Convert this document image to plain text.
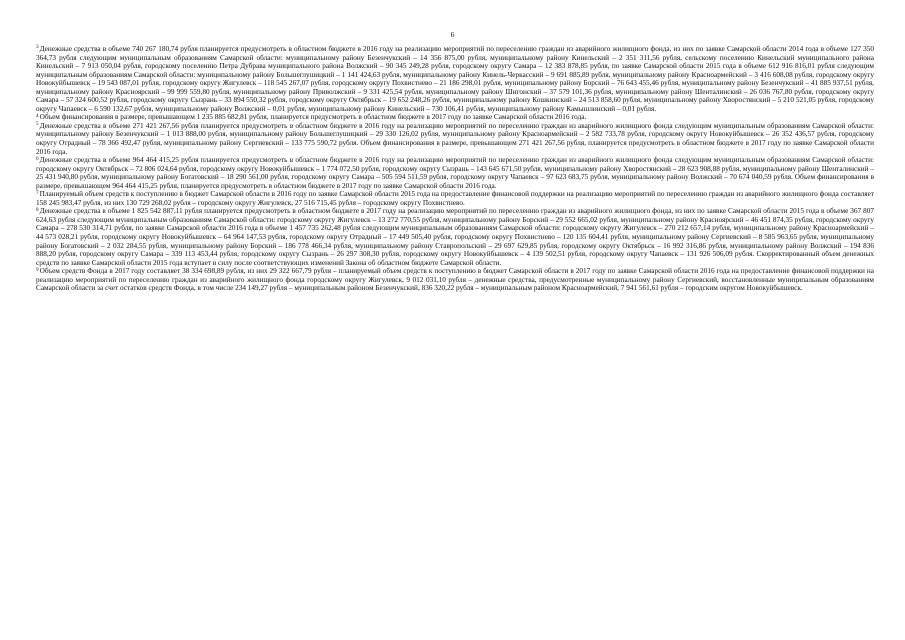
6

$^3$Денежные средства в объеме 740 267 180,74 рубля планируется предусмотреть в областном бюджете в 2016 году на реализацию мероприятий по переселению граждан из аварийного жилищного фонда, из них по заявке Самарской области 2014 года в объеме 127 350 364,73 рубля следующим муниципальным образованиям Самарской области: муниципальному району Безенчукский – 14 356 875,00 рубля, муниципальному району Кинельский – 2 351 311,56 рубля, сельскому поселению Кинельский муниципального района Кинельский – 7 913 050,04 рубля, городскому поселению Петра Дубрава муниципального района Волжский – 90 345 249,28 рубля, городскому округу Самара – 12 383 878,85 рубля, по заявке Самарской области 2015 года в объеме 612 916 816,01 рубля следующим муниципальным образованиям Самарской области: муниципальному району Большеглушицкий – 1 141 424,63 рубля, муниципальному району Кинель-Черкасский – 9 691 885,89 рубля, муниципальному району Красноармейский – 3 416 608,08 рубля, городскому округу Новокуйбышевск – 19 543 087,01 рубля, городскому округу Жигулевск – 118 545 267,07 рубля, городскому округу Похвистнево – 21 186 298,01 рубля, муниципальному району Борский – 76 643 455,46 рубля, муниципальному району Безенчукский – 41 885 937,51 рубля, муниципальному району Красноярский – 99 999 559,80 рубля, муниципальному району Приволжский – 9 331 425,54 рубля, муниципальному району Шигонский – 37 579 101,36 рубля, муниципальному району Шенталинский – 26 036 767,80 рубля, городскому округу Самара – 57 324 600,52 рубля, городскому округу Сызрань – 33 894 550,32 рубля, городскому округу Октябрьск – 19 652 248,26 рубля, муниципальному району Кошкинский – 24 513 858,60 рубля, муниципальному району Хворостянский – 5 210 521,05 рубля, городскому округу Чапаевск – 6 590 132,67 рубля, муниципальному району Волжский – 0,01 рубля, муниципальному району Кинельский – 730 106,41 рубля, муниципальному району Камышлинский – 0,01 рубля.

$^4$Объем финансирования в размере, превышающем 1 235 885 682,81 рубля, планируется предусмотреть в областном бюджете в 2017 году по заявке Самарской области 2016 года.

$^5$Денежные средства в объеме 271 421 267,56 рубля планируется предусмотреть в областном бюджете в 2016 году на реализацию мероприятий по переселению граждан из аварийного жилищного фонда следующим муниципальным образованиям Самарской области: муниципальному району Безенчукский – 1 013 888,00 рубля, муниципальному району Большеглушицкий – 29 330 126,02 рубля, муниципальному району Красноармейский – 2 582 733,78 рубля, городскому округу Новокуйбышевск – 26 352 436,57 рубля, городскому округу Отрадный – 78 366 492,47 рубля, муниципальному району Сергиевский – 133 775 590,72 рубля. Объем финансирования в размере, превышающем 271 421 267,56 рубля, планируется предусмотреть в областном бюджете в 2017 году по заявке Самарской области 2016 года.

$^6$Денежные средства в объеме 964 464 415,25 рубля планируется предусмотреть в областном бюджете в 2016 году на реализацию мероприятий по переселению граждан из аварийного жилищного фонда следующим муниципальным образованиям Самарской области: городскому округу Октябрьск – 72 806 024,64 рубля, городскому округу Новокуйбышевск – 1 774 072,50 рубля, городскому округу Сызрань – 143 645 671,50 рубля, муниципальному району Хворостянский – 28 623 908,88 рубля, муниципальному району Шенталинский – 25 431 940,80 рубля, муниципальному району Богатовский – 18 290 561,00 рубля, городскому округу Самара – 505 594 511,59 рубля, городскому округу Чапаевск – 97 623 683,75 рубля, муниципальному району Волжский – 70 674 040,59 рубля. Объем финансирования в размере, превышающем 964 464 415,25 рубля, планируется предусмотреть в областном бюджете в 2017 году по заявке Самарской области 2016 года.

$^7$Планируемый объем средств к поступлению в бюджет Самарской области в 2016 году по заявке Самарской области 2015 года на предоставление финансовой поддержки на реализацию мероприятий по переселению граждан из аварийного жилищного фонда составляет 158 245 983,47 рубля, из них 130 729 268,02 рубля – городскому округу Жигулевск, 27 516 715,45 рубля – городскому округу Похвистнево.

$^8$Денежные средства в объеме 1 825 542 887,11 рубля планируется предусмотреть в областном бюджете в 2017 году на реализацию мероприятий по переселению граждан из аварийного жилищного фонда, из них по заявке Самарской области 2015 года в объеме 367 807 624,63 рубля следующим муниципальным образованиям Самарской области: городскому округу Жигулевск – 13 272 770,55 рубля, муниципальному району Борский – 29 552 665,02 рубля, муниципальному району Красноярский – 46 451 874,35 рубля, городскому округу Самара – 278 530 314,71 рубля, по заявке Самарской области 2016 года в объеме 1 457 735 262,48 рубля следующим муниципальным образованиям Самарской области: городскому округу Жигулевск – 270 212 657,14 рубля, муниципальному району Красноармейский – 44 573 028,21 рубля, городскому округу Новокуйбышевск – 64 964 147,53 рубля, городскому округу Отрадный – 17 449 505,40 рубля, городскому округу Похвистнево – 120 135 604,41 рубля, муниципальному району Сергиевский – 8 585 963,65 рубля, муниципальному району Богатовский – 2 032 284,55 рубля, муниципальному району Борский – 186 778 466,34 рубля, муниципальному району Ставропольский – 29 697 629,85 рубля, городскому округу Октябрьск – 16 992 316,86 рубля, муниципальному району Волжский – 194 836 888,20 рубля, городскому округу Самара – 339 113 453,44 рубля, городскому округу Сызрань – 26 297 308,30 рубля, городскому округу Новокуйбышевск – 4 139 502,51 рубля, городскому округу Чапаевск – 131 926 506,09 рубля. Скорректированный объем денежных средств по заявке Самарской области 2015 года вступает в силу после соответствующих изменений Закона об областном бюджете Самарской области.

$^9$Объем средств Фонда в 2017 году составляет 38 334 698,89 рубля, из них 29 322 667,79 рубля – планируемый объем средств к поступлению в бюджет Самарской области в 2017 году по заявке Самарской области 2016 года на предоставление финансовой поддержки на реализацию мероприятий по переселению граждан из аварийного жилищного фонда городскому округу Жигулевск, 9 012 031,10 рубля – денежные средства, предусмотренные муниципальному району Сергиевский, восстановленные муниципальным образованиям Самарской области за счет остатков средств Фонда, в том числе 234 149,27 рубля – муниципальным районом Безенчукский, 836 320,22 рубля – муниципальным районом Красноармейский, 7 941 561,61 рубля – городским округом Новокуйбышевск.
